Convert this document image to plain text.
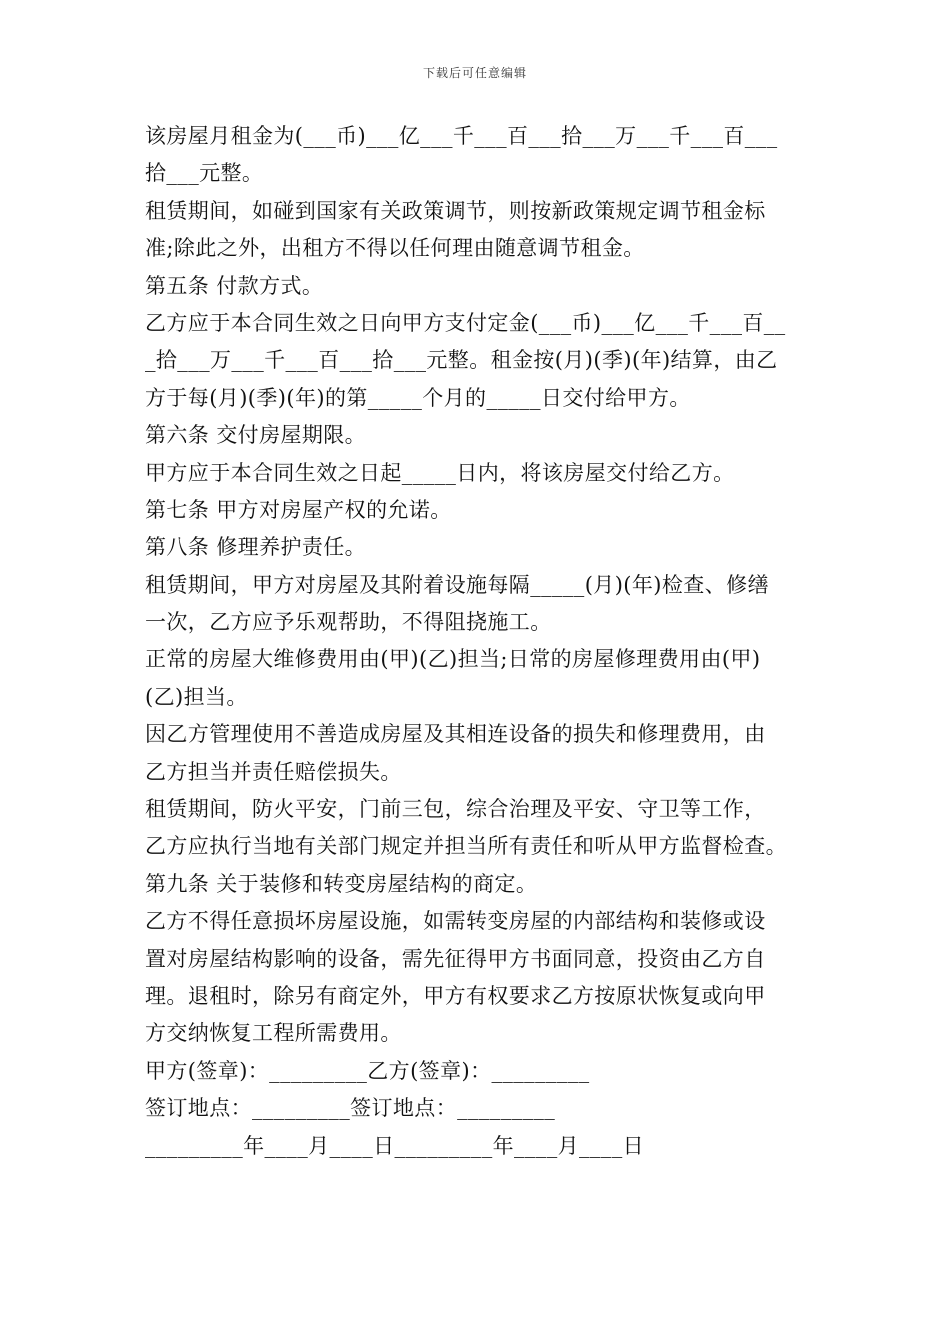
下载后可任意编辑
该房屋月租金为(___币)___亿___千___百___拾___万___千___百___
拾___元整。
租赁期间，如碰到国家有关政策调节，则按新政策规定调节租金标
准;除此之外，出租方不得以任何理由随意调节租金。
第五条 付款方式。
乙方应于本合同生效之日向甲方支付定金(___币)___亿___千___百__
_拾___万___千___百___拾___元整。租金按(月)(季)(年)结算，由乙
方于每(月)(季)(年)的第_____个月的_____日交付给甲方。
第六条 交付房屋期限。
甲方应于本合同生效之日起_____日内，将该房屋交付给乙方。
第七条 甲方对房屋产权的允诺。
第八条 修理养护责任。
租赁期间，甲方对房屋及其附着设施每隔_____(月)(年)检查、修缮
一次，乙方应予乐观帮助，不得阻挠施工。
正常的房屋大维修费用由(甲)(乙)担当;日常的房屋修理费用由(甲)
(乙)担当。
因乙方管理使用不善造成房屋及其相连设备的损失和修理费用，由
乙方担当并责任赔偿损失。
租赁期间，防火平安，门前三包，综合治理及平安、守卫等工作，
乙方应执行当地有关部门规定并担当所有责任和听从甲方监督检查。
第九条 关于装修和转变房屋结构的商定。
乙方不得任意损坏房屋设施，如需转变房屋的内部结构和装修或设
置对房屋结构影响的设备，需先征得甲方书面同意，投资由乙方自
理。退租时，除另有商定外，甲方有权要求乙方按原状恢复或向甲
方交纳恢复工程所需费用。
甲方(签章)：_________乙方(签章)：_________
签订地点：_________签订地点：_________
_________年____月____日_________年____月____日
